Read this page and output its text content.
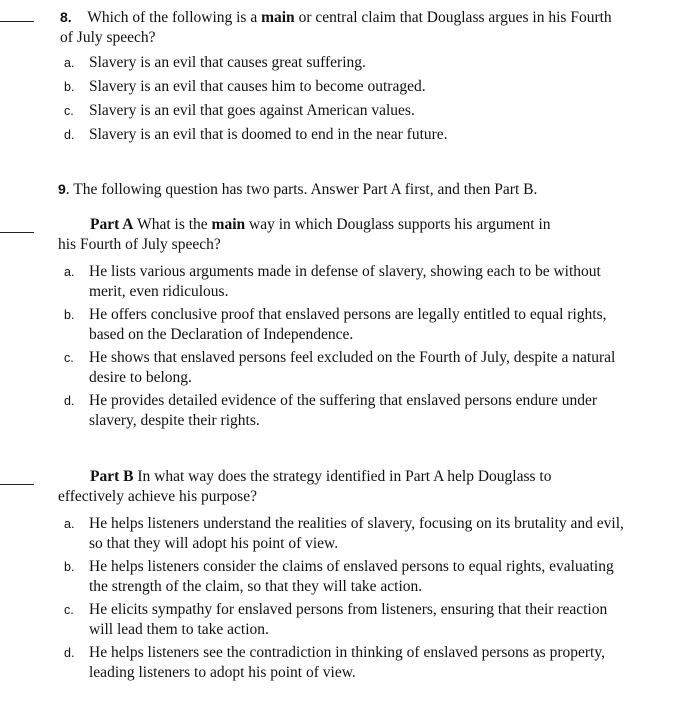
8. Which of the following is a main or central claim that Douglass argues in his Fourth of July speech?
a. Slavery is an evil that causes great suffering.
b. Slavery is an evil that causes him to become outraged.
c. Slavery is an evil that goes against American values.
d. Slavery is an evil that is doomed to end in the near future.
9. The following question has two parts. Answer Part A first, and then Part B.
Part A What is the main way in which Douglass supports his argument in
his Fourth of July speech?
a. He lists various arguments made in defense of slavery, showing each to be without merit, even ridiculous.
b. He offers conclusive proof that enslaved persons are legally entitled to equal rights, based on the Declaration of Independence.
c. He shows that enslaved persons feel excluded on the Fourth of July, despite a natural desire to belong.
d. He provides detailed evidence of the suffering that enslaved persons endure under slavery, despite their rights.
Part B In what way does the strategy identified in Part A help Douglass to
effectively achieve his purpose?
a. He helps listeners understand the realities of slavery, focusing on its brutality and evil, so that they will adopt his point of view.
b. He helps listeners consider the claims of enslaved persons to equal rights, evaluating the strength of the claim, so that they will take action.
c. He elicits sympathy for enslaved persons from listeners, ensuring that their reaction will lead them to take action.
d. He helps listeners see the contradiction in thinking of enslaved persons as property, leading listeners to adopt his point of view.
